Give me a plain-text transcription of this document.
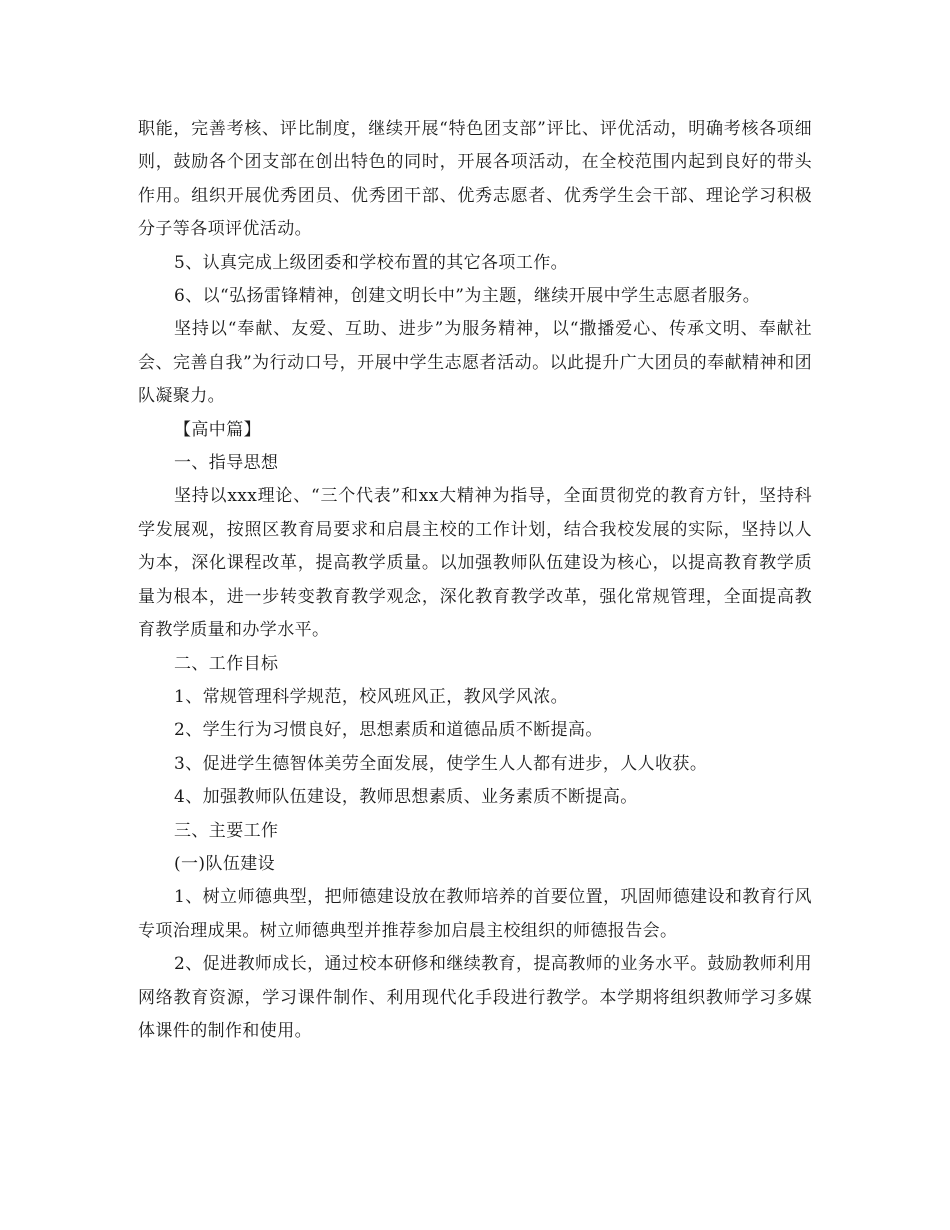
职能，完善考核、评比制度，继续开展“特色团支部”评比、评优活动，明确考核各项细则，鼓励各个团支部在创出特色的同时，开展各项活动，在全校范围内起到良好的带头作用。组织开展优秀团员、优秀团干部、优秀志愿者、优秀学生会干部、理论学习积极分子等各项评优活动。

5、认真完成上级团委和学校布置的其它各项工作。

6、以“弘扬雷锋精神，创建文明长中”为主题，继续开展中学生志愿者服务。

坚持以“奉献、友爱、互助、进步”为服务精神，以“撒播爱心、传承文明、奉献社会、完善自我”为行动口号，开展中学生志愿者活动。以此提升广大团员的奉献精神和团队凝聚力。

【高中篇】

一、指导思想

坚持以xxx理论、“三个代表”和xx大精神为指导，全面贯彻党的教育方针，坚持科学发展观，按照区教育局要求和启晨主校的工作计划，结合我校发展的实际，坚持以人为本，深化课程改革，提高教学质量。以加强教师队伍建设为核心，以提高教育教学质量为根本，进一步转变教育教学观念，深化教育教学改革，强化常规管理，全面提高教育教学质量和办学水平。

二、工作目标

1、常规管理科学规范，校风班风正，教风学风浓。

2、学生行为习惯良好，思想素质和道德品质不断提高。

3、促进学生德智体美劳全面发展，使学生人人都有进步，人人收获。

4、加强教师队伍建设，教师思想素质、业务素质不断提高。

三、主要工作

(一)队伍建设

1、树立师德典型，把师德建设放在教师培养的首要位置，巩固师德建设和教育行风专项治理成果。树立师德典型并推荐参加启晨主校组织的师德报告会。

2、促进教师成长，通过校本研修和继续教育，提高教师的业务水平。鼓励教师利用网络教育资源，学习课件制作、利用现代化手段进行教学。本学期将组织教师学习多媒体课件的制作和使用。
